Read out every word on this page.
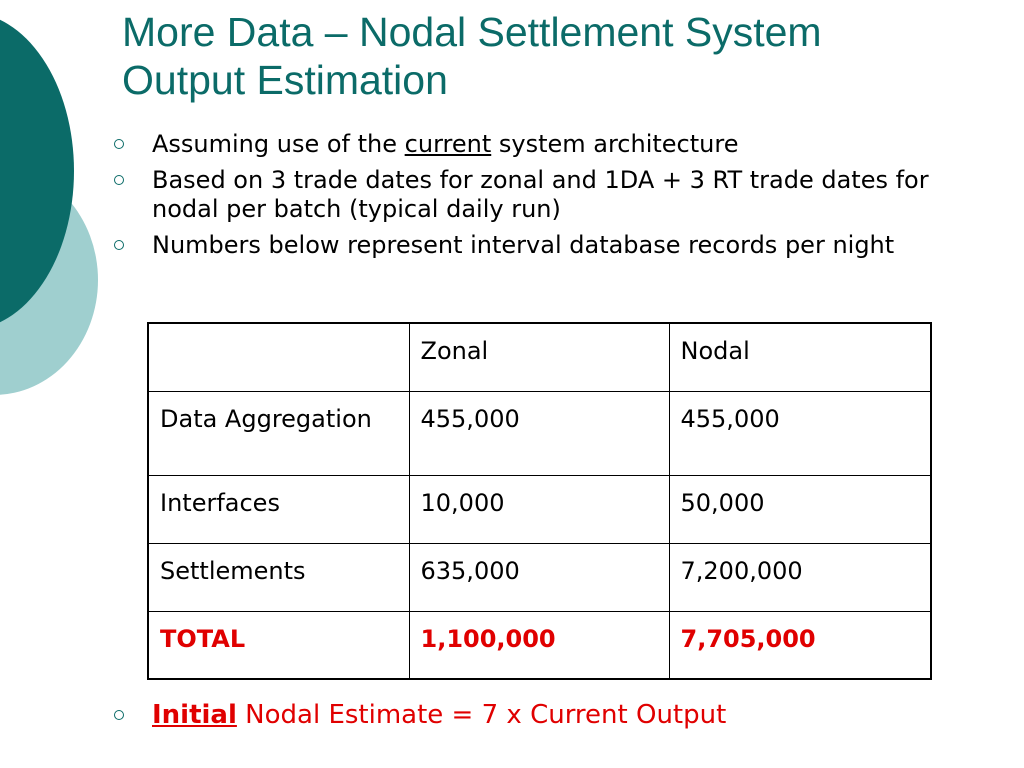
More Data – Nodal Settlement System
Output Estimation
Assuming use of the current system architecture
Based on 3 trade dates for zonal and 1DA + 3 RT trade dates for nodal per batch (typical daily run)
Numbers below represent interval database records per night
	Zonal	Nodal
Data Aggregation	455,000	455,000
Interfaces	10,000	50,000
Settlements	635,000	7,200,000
TOTAL	1,100,000	7,705,000
Initial Nodal Estimate = 7 x Current Output
